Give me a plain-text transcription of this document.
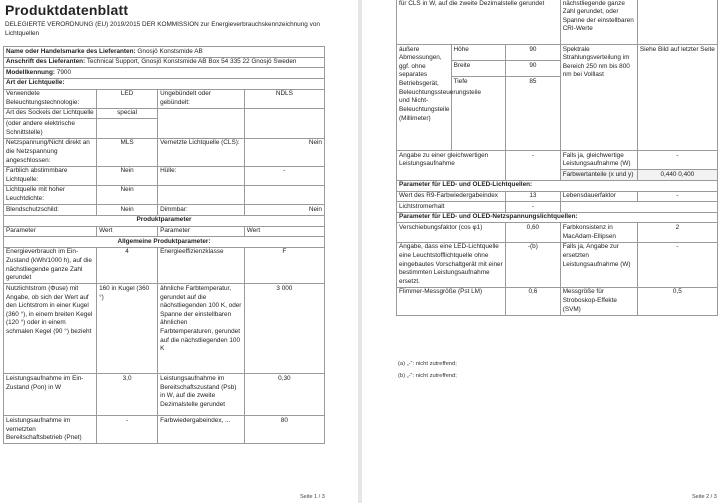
Produktdatenblatt
DELEGIERTE VERORDNUNG (EU) 2019/2015 DER KOMMISSION zur Energieverbrauchskennzeichnung von Lichtquellen
Name oder Handelsmarke des Lieferanten: Gnosjö Konstsmide AB			
Anschrift des Lieferanten: Technical Support, Gnosjö Konstsmide AB Box 54 335 22 Gnosjö Sweden			
Modellkennung: 7900			
Art der Lichtquelle:			
Verwendete Beleuchtungstechnologie:	LED	Ungebündelt oder gebündelt:	NDLS
Art des Sockels der Lichtquelle	special		
(oder andere elektrische Schnittstelle)			
Netzspannung/Nicht direkt an die Netzspannung angeschlossen:	MLS	Vernetzte Lichtquelle (CLS):	Nein
Farblich abstimmbare Lichtquelle:	Nein	Hülle:	-
Lichtquelle mit hoher Leuchtdichte:	Nein		
Blendschutzschild:	Nein	Dimmbar:	Nein
Produktparameter			
Parameter	Wert	Parameter	Wert
Allgemeine Produktparameter:			
Energieverbrauch im Ein-Zustand (kWh/1000 h), auf die nächstliegende ganze Zahl gerundet	4	Energieeffizienzklasse	F
Nutzlichtstrom (Φuse) mit Angabe, ob sich der Wert auf den Lichtstrom in einer Kugel (360 °), in einem breiten Kegel (120 °) oder in einem schmalen Kegel (90 °) bezieht	160 in Kugel (360 °)	ähnliche Farbtemperatur, gerundet auf die nächstliegenden 100 K, oder Spanne der einstellbaren ähnlichen Farbtemperaturen, gerundet auf die nächstliegenden 100 K	3 000
Leistungsaufnahme im Ein-Zustand (Pon) in W	3,0	Leistungsaufnahme im Bereitschaftszustand (Psb) in W, auf die zweite Dezimalstelle gerundet	0,30
Leistungsaufnahme im vernetzten Bereitschaftsbetrieb (Pnet)	-	Farbwiedergabeindex, ...	80
Seite 1 / 3
für CLS in W, auf die zweite Dezimalstelle gerundet			nächstliegende ganze Zahl gerundet, oder Spanne der einstellbaren CRI-Werte	
äußere Abmessungen, ggf. ohne separates Betriebsgerät, Beleuchtungssteuerungsteile und Nicht-Beleuchtungsteile (Millimeter)	Höhe	90	Spektrale Strahlungsverteilung im Bereich 250 nm bis 800 nm bei Volllast	Siehe Bild auf letzter Seite
	Breite	90		
	Tiefe	85		
Angabe zu einer gleichwertigen Leistungsaufnahme		-	Falls ja, gleichwertige Leistungsaufnahme (W)	-
			Farbwertanteile (x und y)	0,440 0,400
Parameter für LED- und OLED-Lichtquellen:				
Wert des R9-Farbwiedergabeindex		13	Lebensdauerfaktor	-
Lichtstromerhalt		-		
Parameter für LED- und OLED-Netzspannungslichtquellen:				
Verschiebungsfaktor (cos φ1)		0,60	Farbkonsistenz in MacAdam-Ellipsen	2
Angabe, dass eine LED-Lichtquelle eine Leuchtstofflichtquelle ohne eingebautes Vorschaltgerät mit einer bestimmten Leistungsaufnahme ersetzt.		-(b)	Falls ja, Angabe zur ersetzten Leistungsaufnahme (W)	-
Flimmer-Messgröße (Pst LM)		0,6	Messgröße für Stroboskop-Effekte (SVM)	0,5
(a) „-“: nicht zutreffend;
(b) „-“: nicht zutreffend;
Seite 2 / 3
